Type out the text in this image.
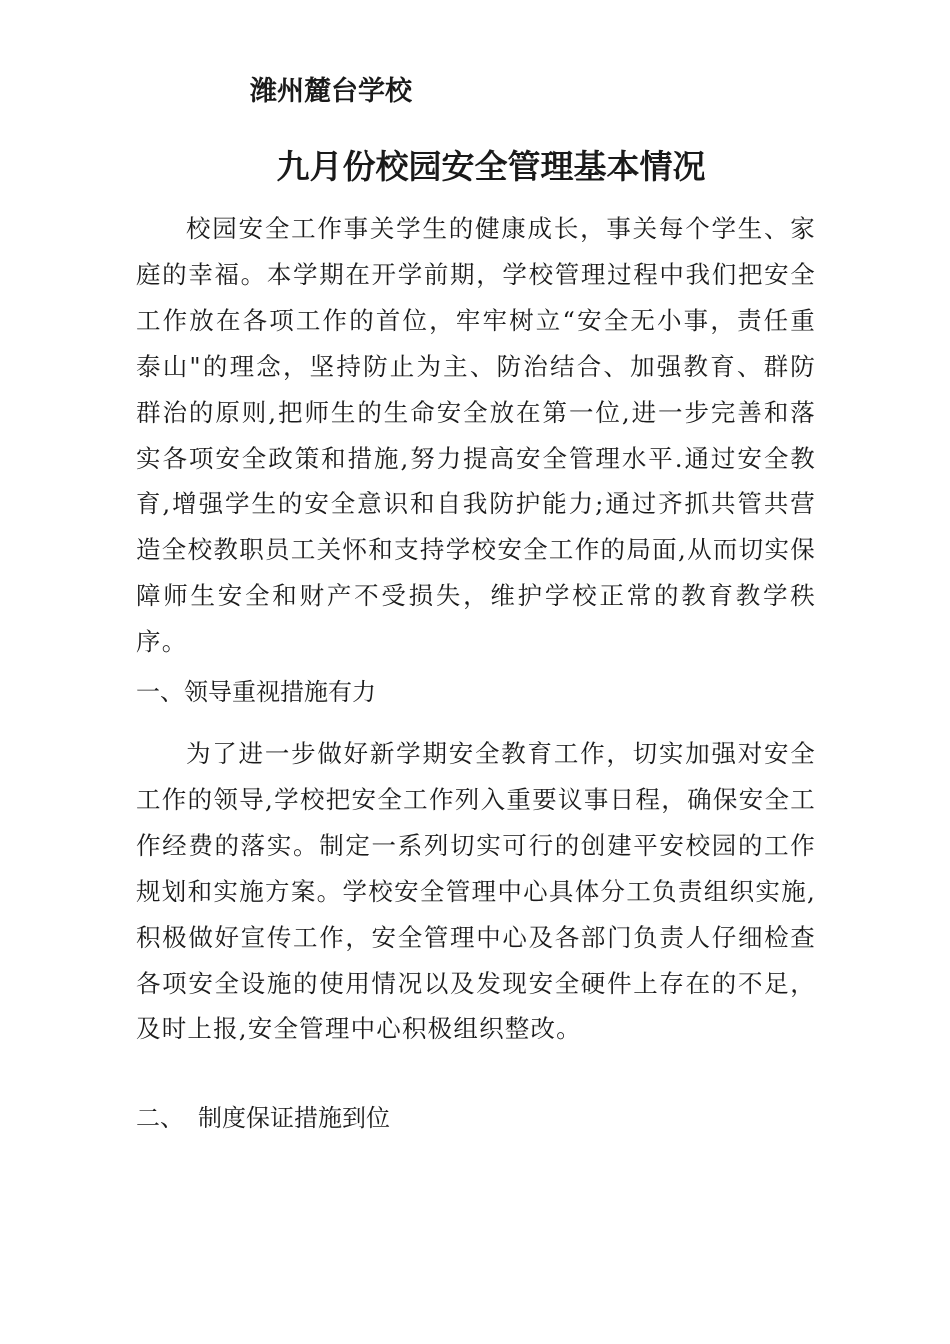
潍州麓台学校
九月份校园安全管理基本情况

校园安全工作事关学生的健康成长，事关每个学生、家庭的幸福。本学期在开学前期，学校管理过程中我们把安全工作放在各项工作的首位，牢牢树立“安全无小事，责任重泰山"的理念，坚持防止为主、防治结合、加强教育、群防群治的原则,把师生的生命安全放在第一位,进一步完善和落实各项安全政策和措施,努力提高安全管理水平.通过安全教育,增强学生的安全意识和自我防护能力;通过齐抓共管共营造全校教职员工关怀和支持学校安全工作的局面,从而切实保障师生安全和财产不受损失，维护学校正常的教育教学秩序。

一、领导重视措施有力

为了进一步做好新学期安全教育工作，切实加强对安全工作的领导,学校把安全工作列入重要议事日程，确保安全工作经费的落实。制定一系列切实可行的创建平安校园的工作规划和实施方案。学校安全管理中心具体分工负责组织实施,积极做好宣传工作，安全管理中心及各部门负责人仔细检查各项安全设施的使用情况以及发现安全硬件上存在的不足，及时上报,安全管理中心积极组织整改。

二、 制度保证措施到位
